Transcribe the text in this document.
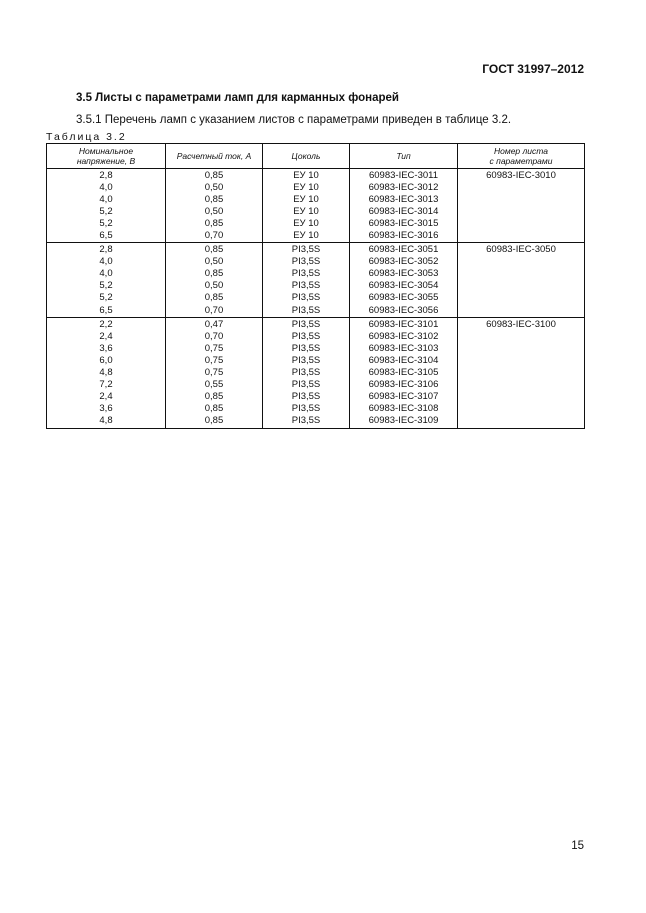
ГОСТ 31997–2012
3.5 Листы с параметрами ламп для карманных фонарей
3.5.1 Перечень ламп с указанием листов с параметрами приведен в таблице 3.2.
Таблица 3.2
Номинальное
напряжение, В	Расчетный ток, А	Цоколь	Тип	Номер листа
с параметрами
2,8	0,85	ЕУ 10	60983-IEC-3011	60983-IEC-3010
4,0	0,50	ЕУ 10	60983-IEC-3012	
4,0	0,85	ЕУ 10	60983-IEC-3013	
5,2	0,50	ЕУ 10	60983-IEC-3014	
5,2	0,85	ЕУ 10	60983-IEC-3015	
6,5	0,70	ЕУ 10	60983-IEC-3016	
2,8	0,85	PI3,5S	60983-IEC-3051	60983-IEC-3050
4,0	0,50	PI3,5S	60983-IEC-3052	
4,0	0,85	PI3,5S	60983-IEC-3053	
5,2	0,50	PI3,5S	60983-IEC-3054	
5,2	0,85	PI3,5S	60983-IEC-3055	
6,5	0,70	PI3,5S	60983-IEC-3056	
2,2	0,47	PI3,5S	60983-IEC-3101	60983-IEC-3100
2,4	0,70	PI3,5S	60983-IEC-3102	
3,6	0,75	PI3,5S	60983-IEC-3103	
6,0	0,75	PI3,5S	60983-IEC-3104	
4,8	0,75	PI3,5S	60983-IEC-3105	
7,2	0,55	PI3,5S	60983-IEC-3106	
2,4	0,85	PI3,5S	60983-IEC-3107	
3,6	0,85	PI3,5S	60983-IEC-3108	
4,8	0,85	PI3,5S	60983-IEC-3109	
15
